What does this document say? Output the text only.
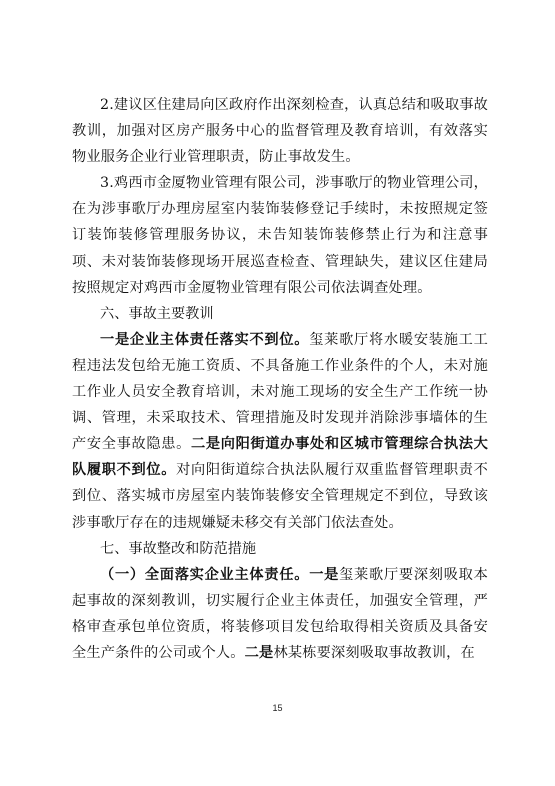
2.建议区住建局向区政府作出深刻检查，认真总结和吸取事故教训，加强对区房产服务中心的监督管理及教育培训，有效落实物业服务企业行业管理职责，防止事故发生。

3.鸡西市金厦物业管理有限公司，涉事歌厅的物业管理公司，在为涉事歌厅办理房屋室内装饰装修登记手续时，未按照规定签订装饰装修管理服务协议，未告知装饰装修禁止行为和注意事项、未对装饰装修现场开展巡查检查、管理缺失，建议区住建局按照规定对鸡西市金厦物业管理有限公司依法调查处理。

六、事故主要教训

一是企业主体责任落实不到位。玺莱歌厅将水暖安装施工工程违法发包给无施工资质、不具备施工作业条件的个人，未对施工作业人员安全教育培训，未对施工现场的安全生产工作统一协调、管理，未采取技术、管理措施及时发现并消除涉事墙体的生产安全事故隐患。二是向阳街道办事处和区城市管理综合执法大队履职不到位。对向阳街道综合执法队履行双重监督管理职责不到位、落实城市房屋室内装饰装修安全管理规定不到位，导致该涉事歌厅存在的违规嫌疑未移交有关部门依法查处。

七、事故整改和防范措施

（一）全面落实企业主体责任。一是玺莱歌厅要深刻吸取本起事故的深刻教训，切实履行企业主体责任，加强安全管理，严格审查承包单位资质，将装修项目发包给取得相关资质及具备安全生产条件的公司或个人。二是林某栋要深刻吸取事故教训，在

15
